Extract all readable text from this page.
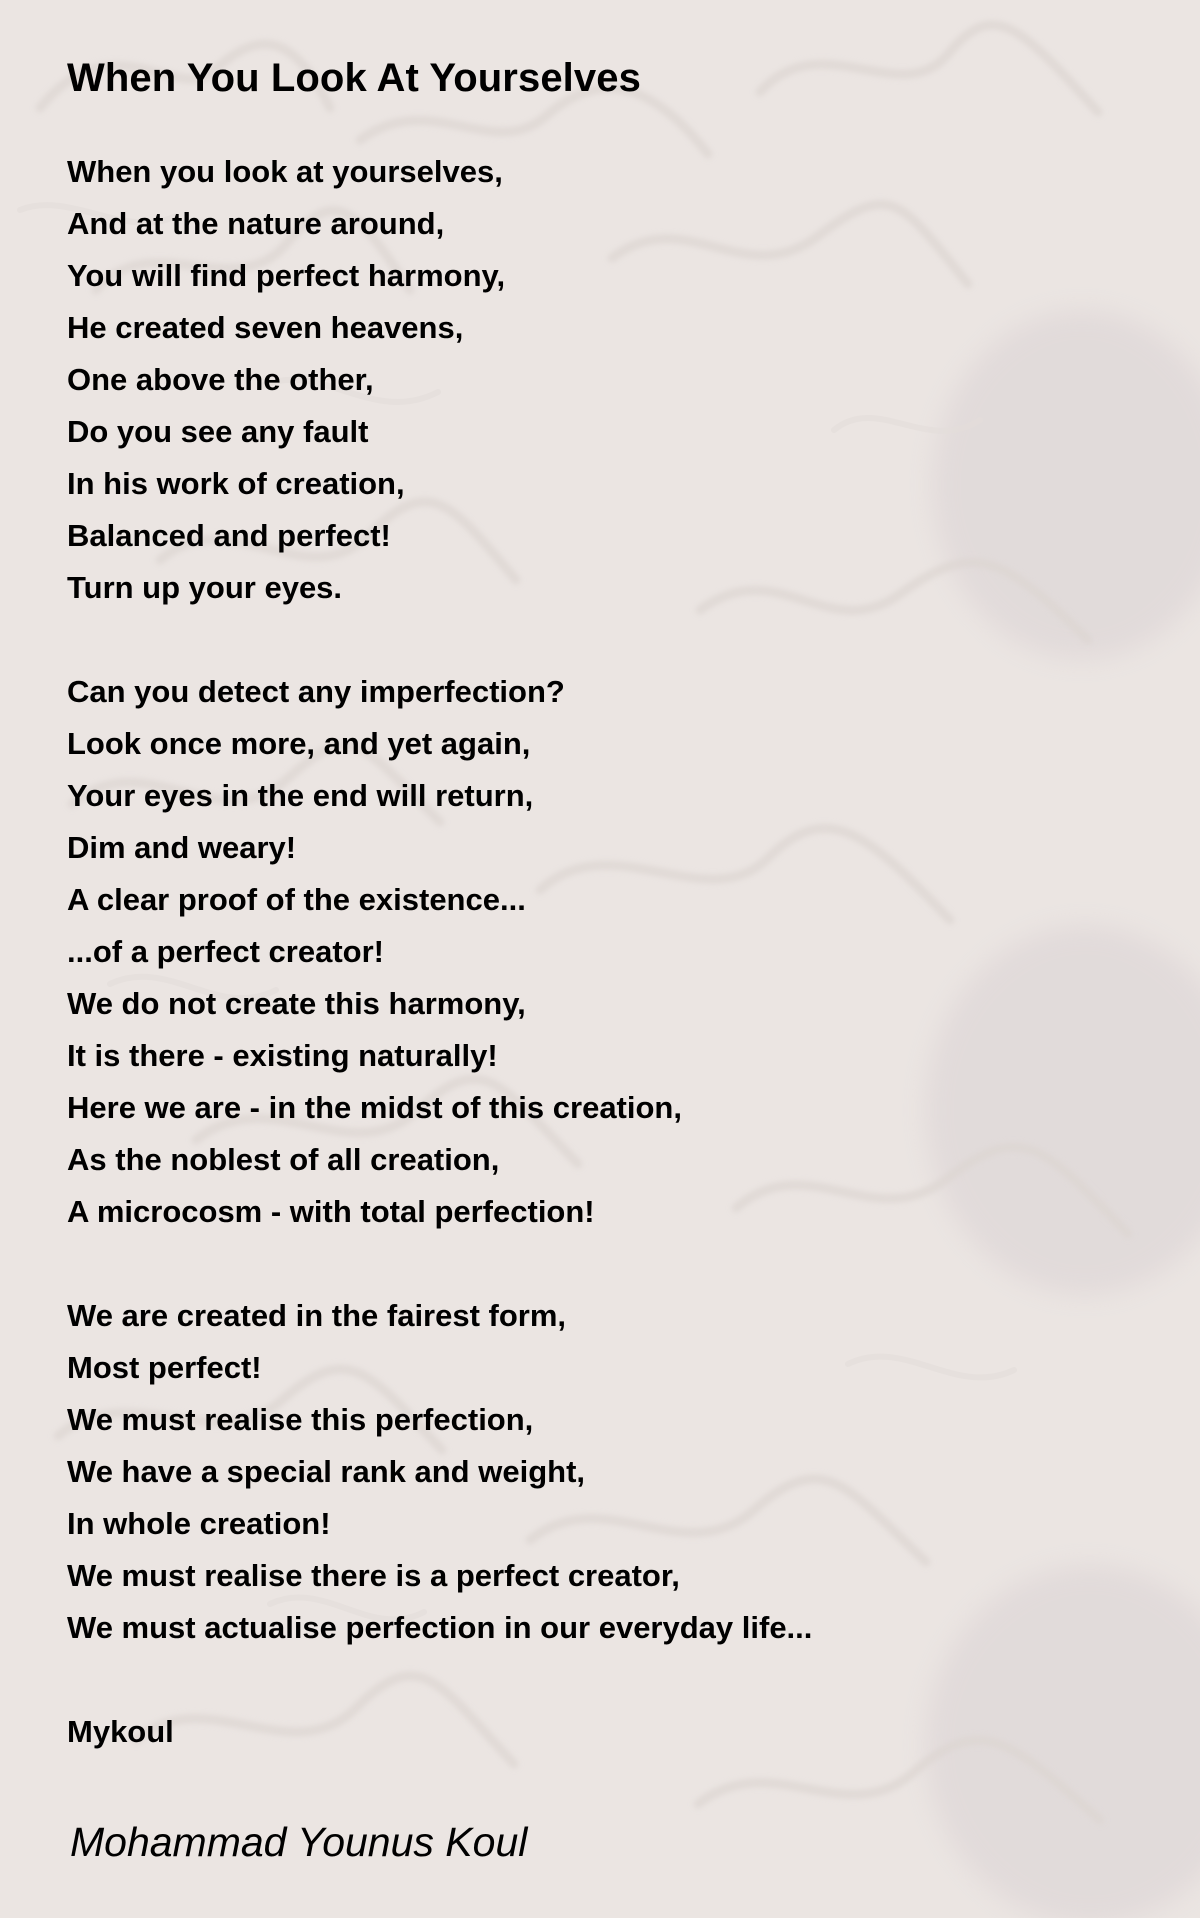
When You Look At Yourselves
When you look at yourselves,
And at the nature around,
You will find perfect harmony,
He created seven heavens,
One above the other,
Do you see any fault
In his work of creation,
Balanced and perfect!
Turn up your eyes.
Can you detect any imperfection?
Look once more, and yet again,
Your eyes in the end will return,
Dim and weary!
A clear proof of the existence...
...of a perfect creator!
We do not create this harmony,
It is there - existing naturally!
Here we are - in the midst of this creation,
As the noblest of all creation,
A microcosm - with total perfection!
We are created in the fairest form,
Most perfect!
We must realise this perfection,
We have a special rank and weight,
In whole creation!
We must realise there is a perfect creator,
We must actualise perfection in our everyday life...
Mykoul
Mohammad Younus Koul
